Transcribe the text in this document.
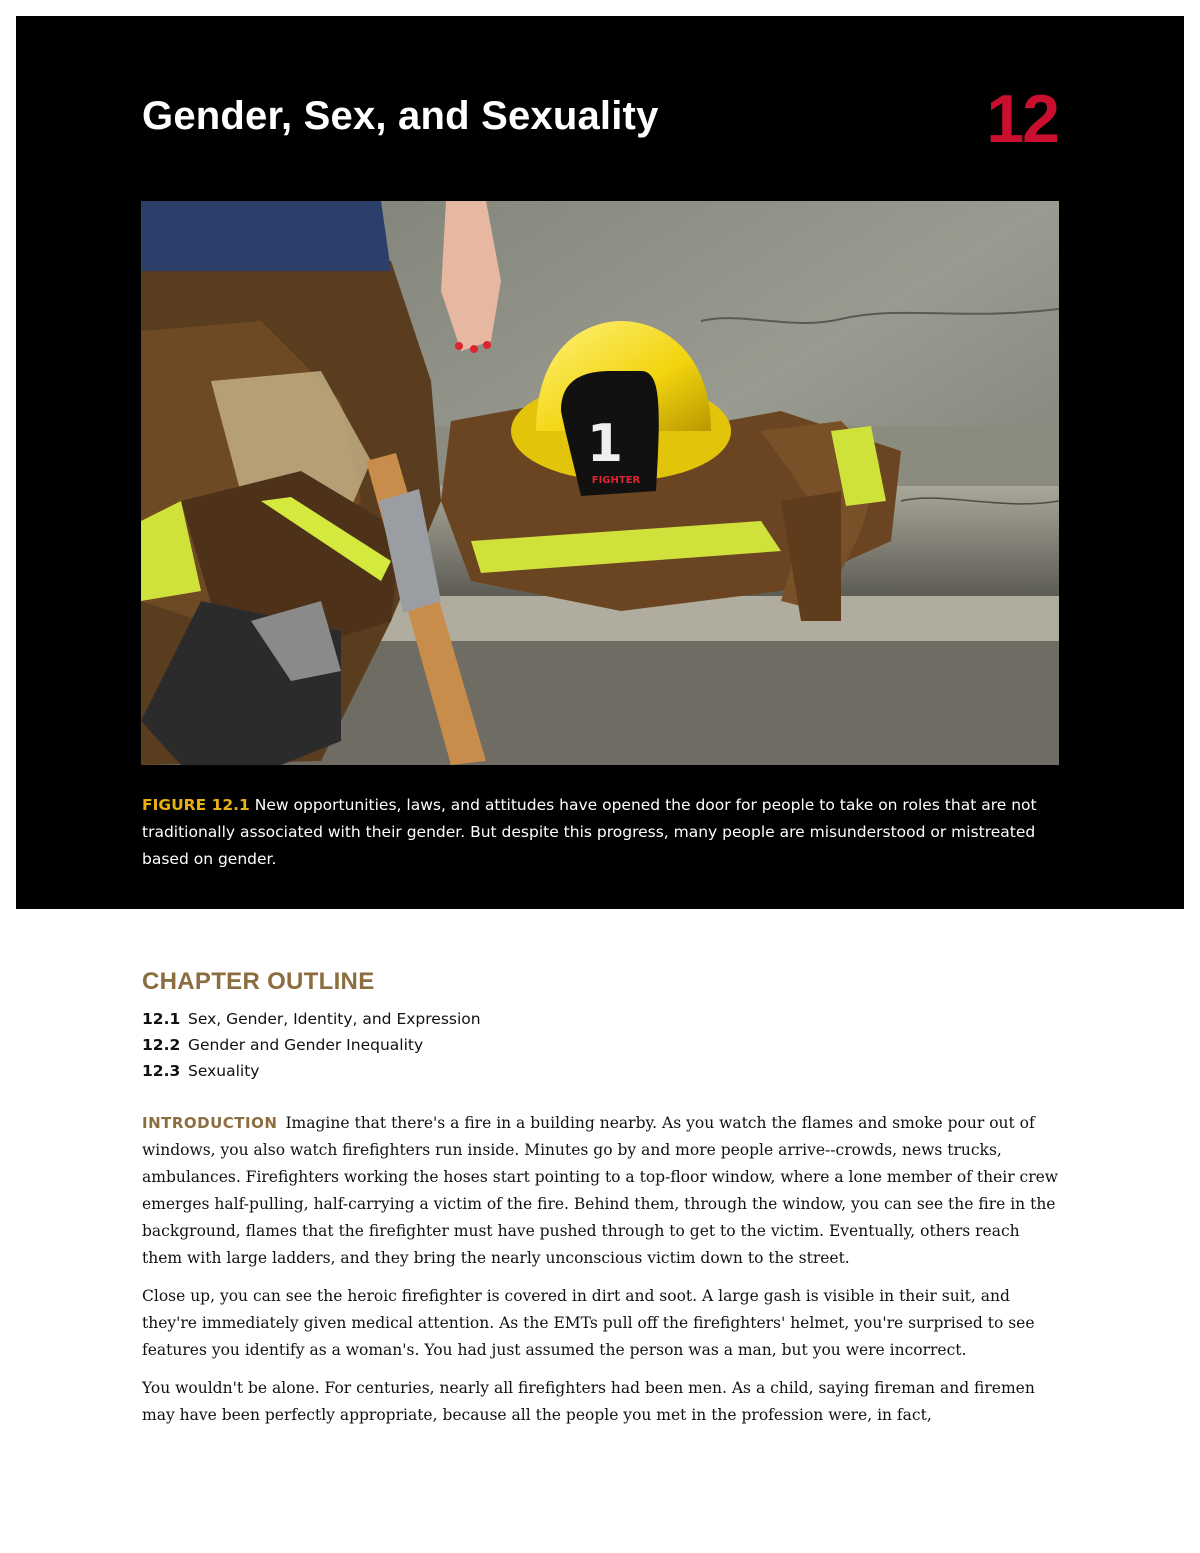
Gender, Sex, and Sexuality	12
1
FIGHTER

FIGURE 12.1 New opportunities, laws, and attitudes have opened the door for people to take on roles that are not traditionally associated with their gender. But despite this progress, many people are misunderstood or mistreated based on gender.

CHAPTER OUTLINE
12.1 Sex, Gender, Identity, and Expression
12.2 Gender and Gender Inequality
12.3 Sexuality

INTRODUCTION Imagine that there's a fire in a building nearby. As you watch the flames and smoke pour out of windows, you also watch firefighters run inside. Minutes go by and more people arrive--crowds, news trucks, ambulances. Firefighters working the hoses start pointing to a top-floor window, where a lone member of their crew emerges half-pulling, half-carrying a victim of the fire. Behind them, through the window, you can see the fire in the background, flames that the firefighter must have pushed through to get to the victim. Eventually, others reach them with large ladders, and they bring the nearly unconscious victim down to the street.

Close up, you can see the heroic firefighter is covered in dirt and soot. A large gash is visible in their suit, and they're immediately given medical attention. As the EMTs pull off the firefighters' helmet, you're surprised to see features you identify as a woman's. You had just assumed the person was a man, but you were incorrect.

You wouldn't be alone. For centuries, nearly all firefighters had been men. As a child, saying fireman and firemen may have been perfectly appropriate, because all the people you met in the profession were, in fact,
